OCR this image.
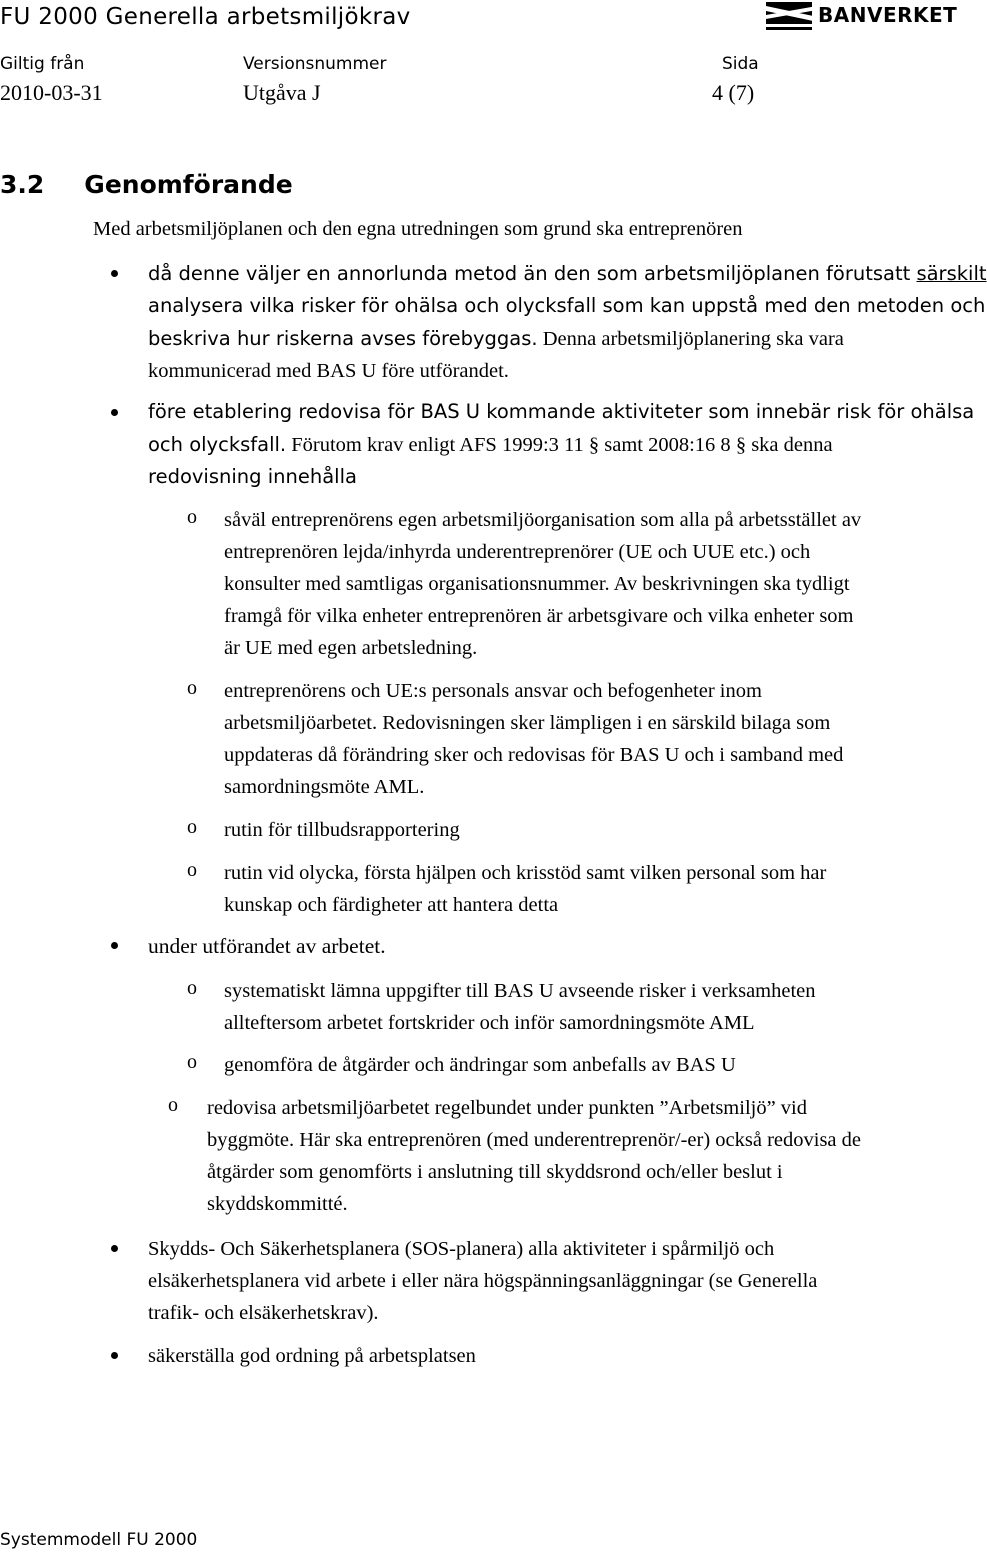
FU 2000 Generella arbetsmiljökrav	BANVERKET
Giltig från	Versionsnummer	Sida
2010-03-31	Utgåva J	4 (7)
3.2 Genomförande
Med arbetsmiljöplanen och den egna utredningen som grund ska entreprenören
då denne väljer en annorlunda metod än den som arbetsmiljöplanen förutsatt särskilt
analysera vilka risker för ohälsa och olycksfall som kan uppstå med den metoden och
beskriva hur riskerna avses förebyggas. Denna arbetsmiljöplanering ska vara
kommunicerad med BAS U före utförandet.
före etablering redovisa för BAS U kommande aktiviteter som innebär risk för ohälsa
och olycksfall. Förutom krav enligt AFS 1999:3 11 § samt 2008:16 8 § ska denna
redovisning innehålla
o såväl entreprenörens egen arbetsmiljöorganisation som alla på arbetsstället av
entreprenören lejda/inhyrda underentreprenörer (UE och UUE etc.) och
konsulter med samtligas organisationsnummer. Av beskrivningen ska tydligt
framgå för vilka enheter entreprenören är arbetsgivare och vilka enheter som
är UE med egen arbetsledning.
o entreprenörens och UE:s personals ansvar och befogenheter inom
arbetsmiljöarbetet. Redovisningen sker lämpligen i en särskild bilaga som
uppdateras då förändring sker och redovisas för BAS U och i samband med
samordningsmöte AML.
o rutin för tillbudsrapportering
o rutin vid olycka, första hjälpen och krisstöd samt vilken personal som har
kunskap och färdigheter att hantera detta
under utförandet av arbetet.
o systematiskt lämna uppgifter till BAS U avseende risker i verksamheten
allteftersom arbetet fortskrider och inför samordningsmöte AML
o genomföra de åtgärder och ändringar som anbefalls av BAS U
o redovisa arbetsmiljöarbetet regelbundet under punkten ”Arbetsmiljö” vid
byggmöte. Här ska entreprenören (med underentreprenör/-er) också redovisa de
åtgärder som genomförts i anslutning till skyddsrond och/eller beslut i
skyddskommitté.
Skydds- Och Säkerhetsplanera (SOS-planera) alla aktiviteter i spårmiljö och
elsäkerhetsplanera vid arbete i eller nära högspänningsanläggningar (se Generella
trafik- och elsäkerhetskrav).
säkerställa god ordning på arbetsplatsen
Systemmodell FU 2000
